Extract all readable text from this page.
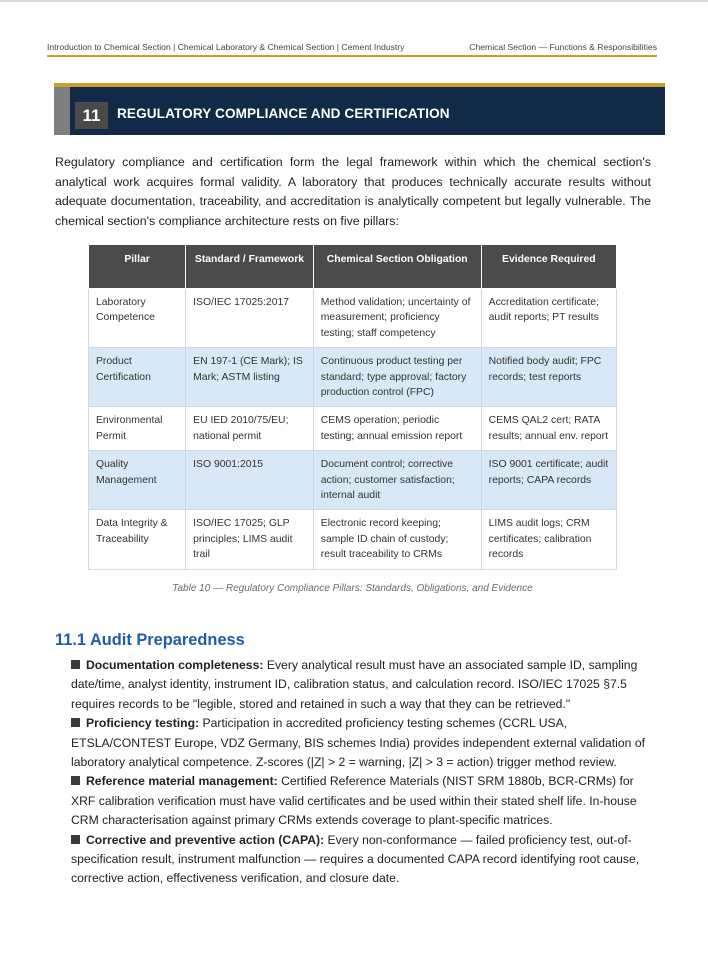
Introduction to Chemical Section | Chemical Laboratory & Chemical Section | Cement Industry	Chemical Section — Functions & Responsibilities
11	REGULATORY COMPLIANCE AND CERTIFICATION

Regulatory compliance and certification form the legal framework within which the chemical section's analytical work acquires formal validity. A laboratory that produces technically accurate results without adequate documentation, traceability, and accreditation is analytically competent but legally vulnerable. The chemical section's compliance architecture rests on five pillars:

Pillar	Standard / Framework	Chemical Section Obligation	Evidence Required
Laboratory Competence	ISO/IEC 17025:2017	Method validation; uncertainty of measurement; proficiency testing; staff competency	Accreditation certificate; audit reports; PT results
Product Certification	EN 197-1 (CE Mark); IS Mark; ASTM listing	Continuous product testing per standard; type approval; factory production control (FPC)	Notified body audit; FPC records; test reports
Environmental Permit	EU IED 2010/75/EU; national permit	CEMS operation; periodic testing; annual emission report	CEMS QAL2 cert; RATA results; annual env. report
Quality Management	ISO 9001:2015	Document control; corrective action; customer satisfaction; internal audit	ISO 9001 certificate; audit reports; CAPA records
Data Integrity & Traceability	ISO/IEC 17025; GLP principles; LIMS audit trail	Electronic record keeping; sample ID chain of custody; result traceability to CRMs	LIMS audit logs; CRM certificates; calibration records
Table 10 — Regulatory Compliance Pillars: Standards, Obligations, and Evidence
11.1 Audit Preparedness

Documentation completeness: Every analytical result must have an associated sample ID, sampling date/time, analyst identity, instrument ID, calibration status, and calculation record. ISO/IEC 17025 §7.5 requires records to be "legible, stored and retained in such a way that they can be retrieved."

Proficiency testing: Participation in accredited proficiency testing schemes (CCRL USA, ETSLA/CONTEST Europe, VDZ Germany, BIS schemes India) provides independent external validation of laboratory analytical competence. Z-scores (|Z| > 2 = warning, |Z| > 3 = action) trigger method review.

Reference material management: Certified Reference Materials (NIST SRM 1880b, BCR-CRMs) for XRF calibration verification must have valid certificates and be used within their stated shelf life. In-house CRM characterisation against primary CRMs extends coverage to plant-specific matrices.

Corrective and preventive action (CAPA): Every non-conformance — failed proficiency test, out-of-specification result, instrument malfunction — requires a documented CAPA record identifying root cause, corrective action, effectiveness verification, and closure date.
